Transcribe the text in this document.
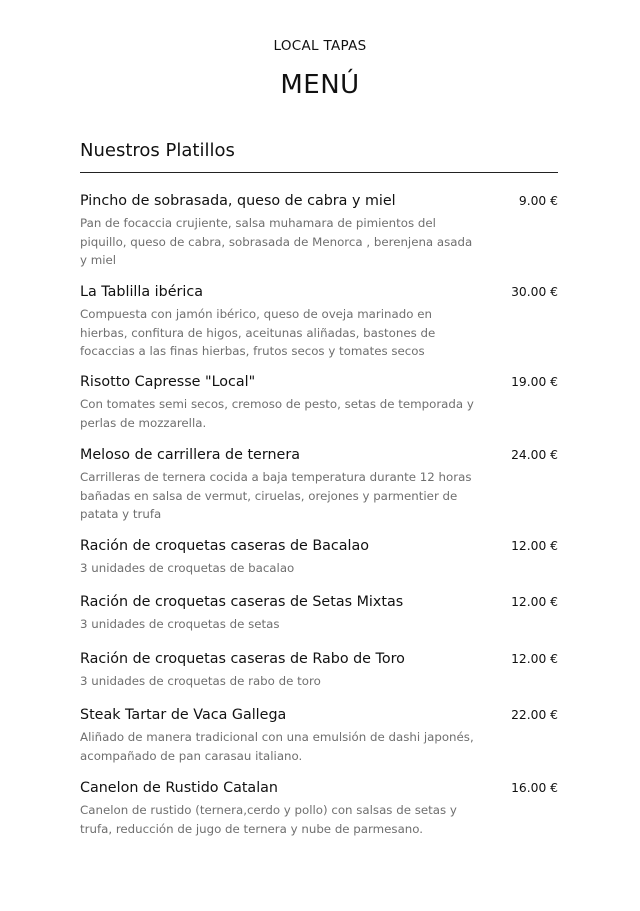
LOCAL TAPAS
MENÚ
Nuestros Platillos
Pincho de sobrasada, queso de cabra y miel	9.00 €
Pan de focaccia crujiente, salsa muhamara de pimientos del piquillo, queso de cabra, sobrasada de Menorca , berenjena asada y miel
La Tablilla ibérica	30.00 €
Compuesta con jamón ibérico, queso de oveja marinado en hierbas, confitura de higos, aceitunas aliñadas, bastones de focaccias a las finas hierbas, frutos secos y tomates secos
Risotto Capresse "Local"	19.00 €
Con tomates semi secos, cremoso de pesto, setas de temporada y perlas de mozzarella.
Meloso de carrillera de ternera	24.00 €
Carrilleras de ternera cocida a baja temperatura durante 12 horas bañadas en salsa de vermut, ciruelas, orejones y parmentier de patata y trufa
Ración de croquetas caseras de Bacalao	12.00 €
3 unidades de croquetas de bacalao
Ración de croquetas caseras de Setas Mixtas	12.00 €
3 unidades de croquetas de setas
Ración de croquetas caseras de Rabo de Toro	12.00 €
3 unidades de croquetas de rabo de toro
Steak Tartar de Vaca Gallega	22.00 €
Aliñado de manera tradicional con una emulsión de dashi japonés, acompañado de pan carasau italiano.
Canelon de Rustido Catalan	16.00 €
Canelon de rustido (ternera,cerdo y pollo) con salsas de setas y trufa, reducción de jugo de ternera y nube de parmesano.
